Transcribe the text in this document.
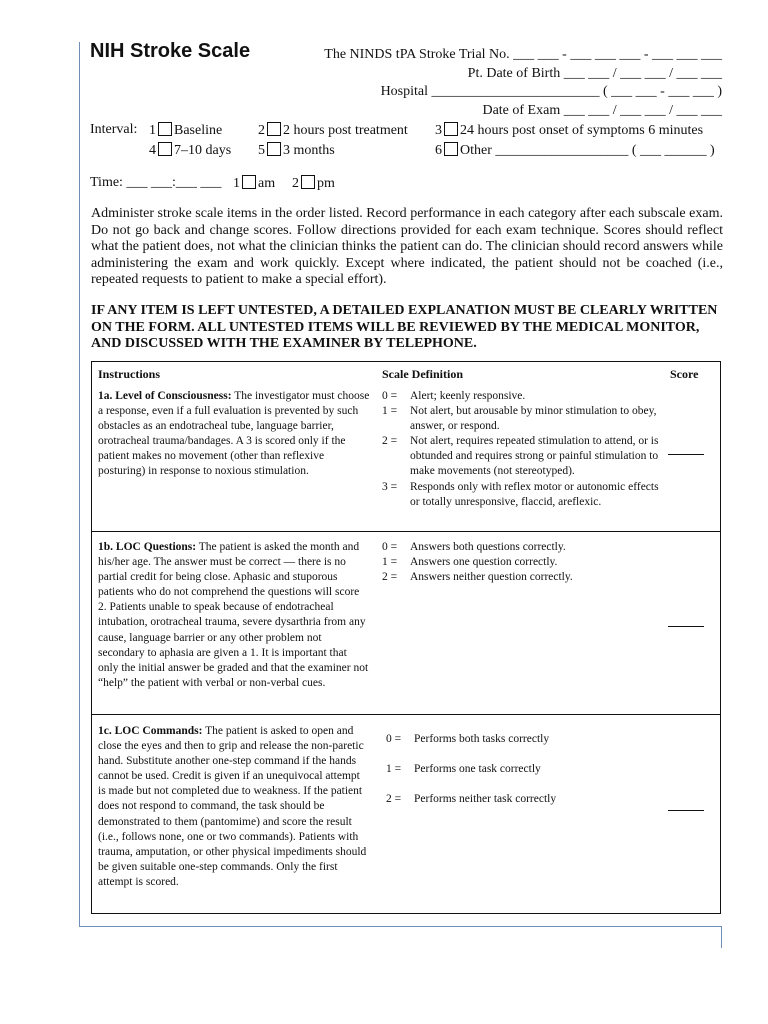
NIH Stroke Scale	The NINDS tPA Stroke Trial No. ___ ___ - ___ ___ ___ - ___ ___ ___
Pt. Date of Birth ___ ___ / ___ ___ / ___ ___
Hospital ________________________ ( ___ ___ - ___ ___ )
Date of Exam ___ ___ / ___ ___ / ___ ___
Interval: 1 Baseline	2 2 hours post treatment 3 24 hours post onset of symptoms 6 minutes
4 7–10 days 5 3 months	6 Other ___________________ ( ___ ______ )
Time: ___ ___:___ ___ 1 am 2 pm
Administer stroke scale items in the order listed. Record performance in each category after each subscale exam. Do not go back and change scores. Follow directions provided for each exam technique. Scores should reflect what the patient does, not what the clinician thinks the patient can do. The clinician should record answers while administering the exam and work quickly. Except where indicated, the patient should not be coached (i.e., repeated requests to patient to make a special effort).
IF ANY ITEM IS LEFT UNTESTED, A DETAILED EXPLANATION MUST BE CLEARLY WRITTEN ON THE FORM. ALL UNTESTED ITEMS WILL BE REVIEWED BY THE MEDICAL MONITOR, AND DISCUSSED WITH THE EXAMINER BY TELEPHONE.
Instructions	Scale Definition	Score
1a. Level of Consciousness: The investigator must choose a response, even if a full evaluation is prevented by such obstacles as an endotracheal tube, language barrier, orotracheal trauma/bandages. A 3 is scored only if the patient makes no movement (other than reflexive posturing) in response to noxious stimulation.
0 = Alert; keenly responsive.
1 = Not alert, but arousable by minor stimulation to obey, answer, or respond.
2 = Not alert, requires repeated stimulation to attend, or is obtunded and requires strong or painful stimulation to make movements (not stereotyped).
3 = Responds only with reflex motor or autonomic effects or totally unresponsive, flaccid, areflexic.
1b. LOC Questions: The patient is asked the month and his/her age. The answer must be correct — there is no partial credit for being close. Aphasic and stuporous patients who do not comprehend the questions will score 2. Patients unable to speak because of endotracheal intubation, orotracheal trauma, severe dysarthria from any cause, language barrier or any other problem not secondary to aphasia are given a 1. It is important that only the initial answer be graded and that the examiner not “help” the patient with verbal or non-verbal cues.
0 = Answers both questions correctly.
1 = Answers one question correctly.
2 = Answers neither question correctly.
1c. LOC Commands: The patient is asked to open and close the eyes and then to grip and release the non-paretic hand. Substitute another one-step command if the hands cannot be used. Credit is given if an unequivocal attempt is made but not completed due to weakness. If the patient does not respond to command, the task should be demonstrated to them (pantomime) and score the result (i.e., follows none, one or two commands). Patients with trauma, amputation, or other physical impediments should be given suitable one-step commands. Only the first attempt is scored.
0 = Performs both tasks correctly
1 = Performs one task correctly
2 = Performs neither task correctly
